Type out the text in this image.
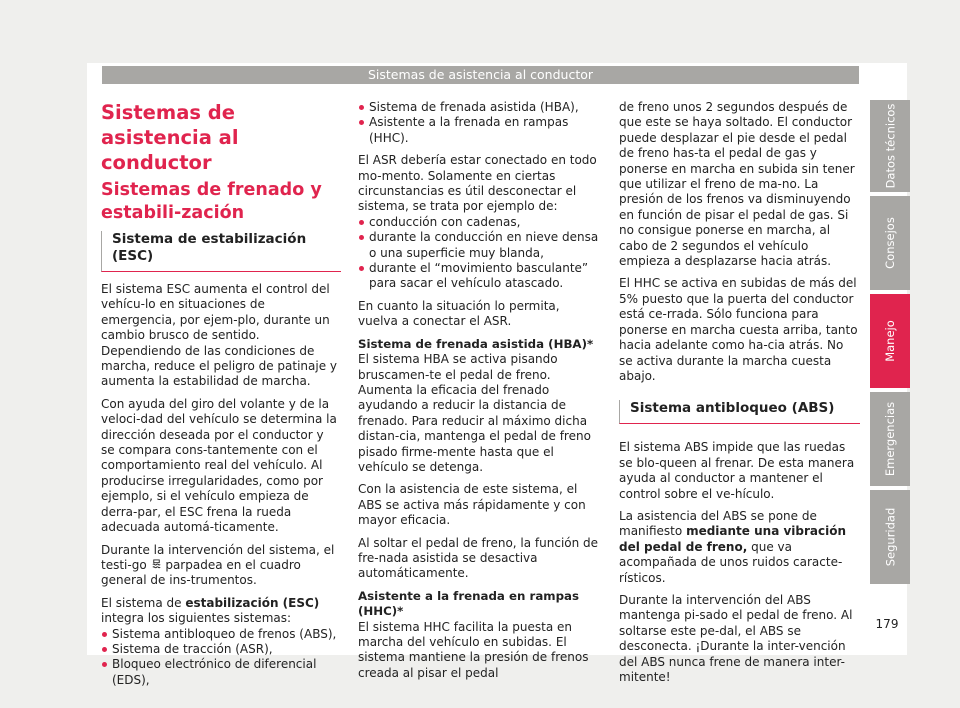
Sistemas de asistencia al conductor
Sistemas de asistencia al conductor
Sistemas de frenado y estabili-zación
Sistema de estabilización (ESC)

El sistema ESC aumenta el control del vehícu-lo en situaciones de emergencia, por ejem-plo, durante un cambio brusco de sentido. Dependiendo de las condiciones de marcha, reduce el peligro de patinaje y aumenta la estabilidad de marcha.

Con ayuda del giro del volante y de la veloci-dad del vehículo se determina la dirección deseada por el conductor y se compara cons-tantemente con el comportamiento real del vehículo. Al producirse irregularidades, como por ejemplo, si el vehículo empieza de derra-par, el ESC frena la rueda adecuada automá-ticamente.

Durante la intervención del sistema, el testi-go parpadea en el cuadro general de ins-trumentos.

El sistema de estabilización (ESC) integra los siguientes sistemas:

Sistema antibloqueo de frenos (ABS),

Sistema de tracción (ASR),

Bloqueo electrónico de diferencial (EDS),

Sistema de frenada asistida (HBA),

Asistente a la frenada en rampas (HHC).

El ASR debería estar conectado en todo mo-mento. Solamente en ciertas circunstancias es útil desconectar el sistema, se trata por ejemplo de:

conducción con cadenas,

durante la conducción en nieve densa o una superficie muy blanda,

durante el “movimiento basculante” para sacar el vehículo atascado.

En cuanto la situación lo permita, vuelva a conectar el ASR.

Sistema de frenada asistida (HBA)*

El sistema HBA se activa pisando bruscamen-te el pedal de freno. Aumenta la eficacia del frenado ayudando a reducir la distancia de frenado. Para reducir al máximo dicha distan-cia, mantenga el pedal de freno pisado firme-mente hasta que el vehículo se detenga.

Con la asistencia de este sistema, el ABS se activa más rápidamente y con mayor eficacia.

Al soltar el pedal de freno, la función de fre-nada asistida se desactiva automáticamente.

Asistente a la frenada en rampas (HHC)*

El sistema HHC facilita la puesta en marcha del vehículo en subidas. El sistema mantiene la presión de frenos creada al pisar el pedal

de freno unos 2 segundos después de que este se haya soltado. El conductor puede desplazar el pie desde el pedal de freno has-ta el pedal de gas y ponerse en marcha en subida sin tener que utilizar el freno de ma-no. La presión de los frenos va disminuyendo en función de pisar el pedal de gas. Si no consigue ponerse en marcha, al cabo de 2 segundos el vehículo empieza a desplazarse hacia atrás.

El HHC se activa en subidas de más del 5% puesto que la puerta del conductor está ce-rrada. Sólo funciona para ponerse en marcha cuesta arriba, tanto hacia adelante como ha-cia atrás. No se activa durante la marcha cuesta abajo.

Sistema antibloqueo (ABS)

El sistema ABS impide que las ruedas se blo-queen al frenar. De esta manera ayuda al conductor a mantener el control sobre el ve-hículo.

La asistencia del ABS se pone de manifiesto mediante una vibración del pedal de freno, que va acompañada de unos ruidos caracte-rísticos.

Durante la intervención del ABS mantenga pi-sado el pedal de freno. Al soltarse este pe-dal, el ABS se desconecta. ¡Durante la inter-vención del ABS nunca frene de manera inter-mitente!

Datos técnicos
Consejos
Manejo
Emergencias
Seguridad
179
